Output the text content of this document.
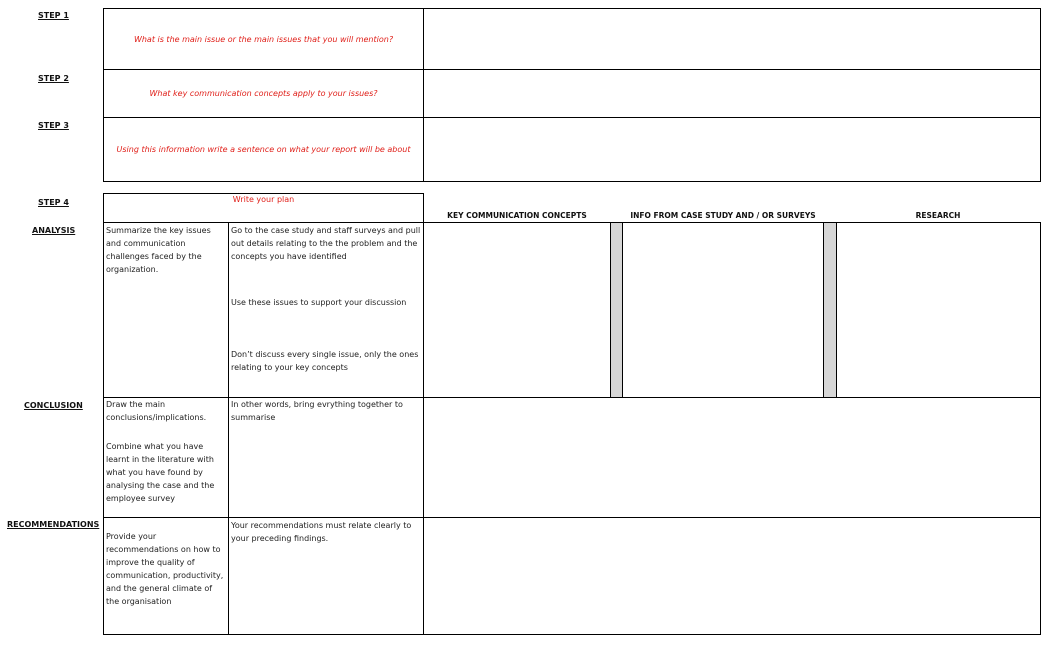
STEP 1
STEP 2
STEP 3
STEP 4
What is the main issue or the main issues that you will mention?
What key communication concepts apply to your issues?
Using this information write a sentence on what your report will be about
Write your plan
KEY COMMUNICATION CONCEPTS	INFO FROM CASE STUDY AND / OR SURVEYS	RESEARCH
ANALYSIS
CONCLUSION
RECOMMENDATIONS
Summarize the key issues and communication challenges faced by the organization.
Go to the case study and staff surveys and pull out details relating to the the problem and the concepts you have identified
Use these issues to support your discussion
Don’t discuss every single issue, only the ones relating to your key concepts
Draw the main conclusions/implications.
Combine what you have learnt in the literature with what you have found by analysing the case and the employee survey
In other words, bring evrything together to summarise
Provide your recommendations on how to improve the quality of communication, productivity, and the general climate of the organisation
Your recommendations must relate clearly to your preceding findings.
